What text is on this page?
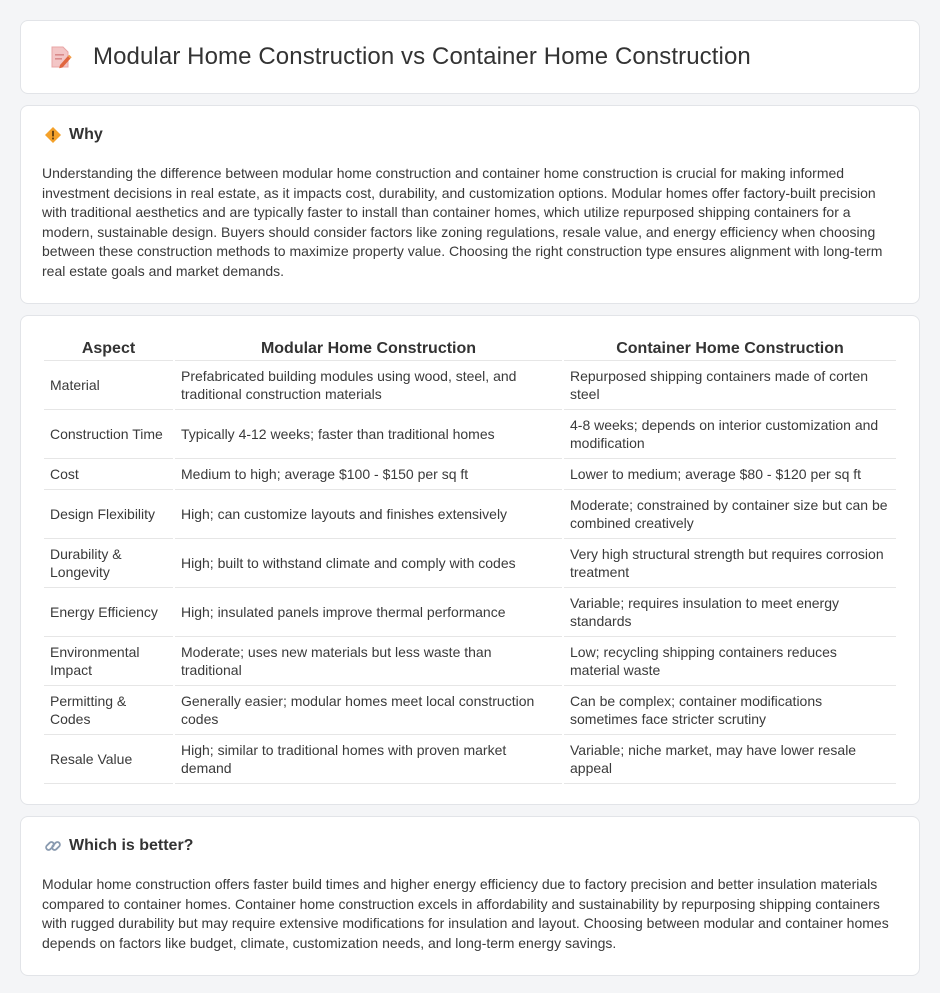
Modular Home Construction vs Container Home Construction
Why

Understanding the difference between modular home construction and container home construction is crucial for making informed investment decisions in real estate, as it impacts cost, durability, and customization options. Modular homes offer factory-built precision with traditional aesthetics and are typically faster to install than container homes, which utilize repurposed shipping containers for a modern, sustainable design. Buyers should consider factors like zoning regulations, resale value, and energy efficiency when choosing between these construction methods to maximize property value. Choosing the right construction type ensures alignment with long-term real estate goals and market demands.

Aspect	Modular Home Construction	Container Home Construction
Material	Prefabricated building modules using wood, steel, and traditional construction materials	Repurposed shipping containers made of corten steel
Construction Time	Typically 4-12 weeks; faster than traditional homes	4-8 weeks; depends on interior customization and modification
Cost	Medium to high; average $100 - $150 per sq ft	Lower to medium; average $80 - $120 per sq ft
Design Flexibility	High; can customize layouts and finishes extensively	Moderate; constrained by container size but can be combined creatively
Durability & Longevity	High; built to withstand climate and comply with codes	Very high structural strength but requires corrosion treatment
Energy Efficiency	High; insulated panels improve thermal performance	Variable; requires insulation to meet energy standards
Environmental Impact	Moderate; uses new materials but less waste than traditional	Low; recycling shipping containers reduces material waste
Permitting & Codes	Generally easier; modular homes meet local construction codes	Can be complex; container modifications sometimes face stricter scrutiny
Resale Value	High; similar to traditional homes with proven market demand	Variable; niche market, may have lower resale appeal
Which is better?

Modular home construction offers faster build times and higher energy efficiency due to factory precision and better insulation materials compared to container homes. Container home construction excels in affordability and sustainability by repurposing shipping containers with rugged durability but may require extensive modifications for insulation and layout. Choosing between modular and container homes depends on factors like budget, climate, customization needs, and long-term energy savings.
